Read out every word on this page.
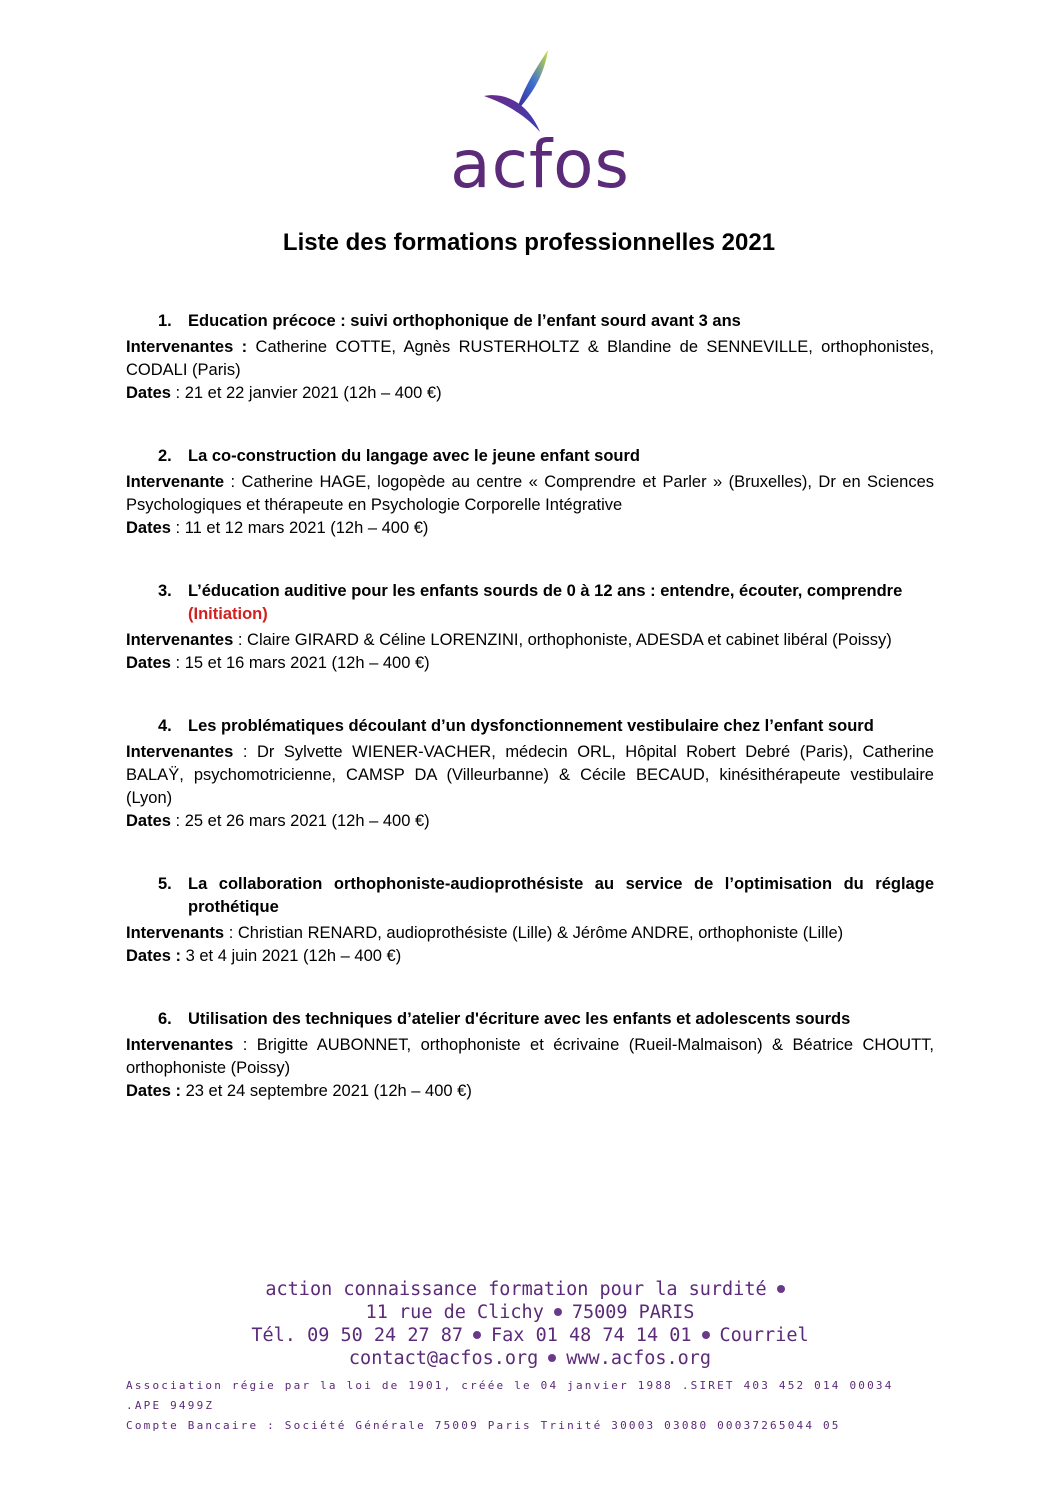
acfos
Liste des formations professionnelles 2021
1. Education précoce : suivi orthophonique de l’enfant sourd avant 3 ans
Intervenantes : Catherine COTTE, Agnès RUSTERHOLTZ & Blandine de SENNEVILLE, orthophonistes, CODALI (Paris)
Dates : 21 et 22 janvier 2021 (12h – 400 €)
2. La co-construction du langage avec le jeune enfant sourd
Intervenante : Catherine HAGE, logopède au centre « Comprendre et Parler » (Bruxelles), Dr en Sciences Psychologiques et thérapeute en Psychologie Corporelle Intégrative
Dates : 11 et 12 mars 2021 (12h – 400 €)
3. L’éducation auditive pour les enfants sourds de 0 à 12 ans : entendre, écouter, comprendre
(Initiation)
Intervenantes : Claire GIRARD & Céline LORENZINI, orthophoniste, ADESDA et cabinet libéral (Poissy)
Dates : 15 et 16 mars 2021 (12h – 400 €)
4. Les problématiques découlant d’un dysfonctionnement vestibulaire chez l’enfant sourd
Intervenantes : Dr Sylvette WIENER-VACHER, médecin ORL, Hôpital Robert Debré (Paris), Catherine BALAŸ, psychomotricienne, CAMSP DA (Villeurbanne) & Cécile BECAUD, kinésithérapeute vestibulaire (Lyon)
Dates : 25 et 26 mars 2021 (12h – 400 €)
5. La collaboration orthophoniste-audioprothésiste au service de l’optimisation du réglage prothétique
Intervenants : Christian RENARD, audioprothésiste (Lille) & Jérôme ANDRE, orthophoniste (Lille)
Dates : 3 et 4 juin 2021 (12h – 400 €)
6. Utilisation des techniques d’atelier d'écriture avec les enfants et adolescents sourds
Intervenantes : Brigitte AUBONNET, orthophoniste et écrivaine (Rueil-Malmaison) & Béatrice CHOUTT, orthophoniste (Poissy)
Dates : 23 et 24 septembre 2021 (12h – 400 €)
action connaissance formation pour la surdité
11 rue de Clichy 75009 PARIS
Tél. 09 50 24 27 87 Fax 01 48 74 14 01 Courriel
contact@acfos.org www.acfos.org
Association régie par la loi de 1901, créée le 04 janvier 1988 .SIRET 403 452 014 00034 .APE 9499Z
Compte Bancaire : Société Générale 75009 Paris Trinité 30003 03080 00037265044 05
